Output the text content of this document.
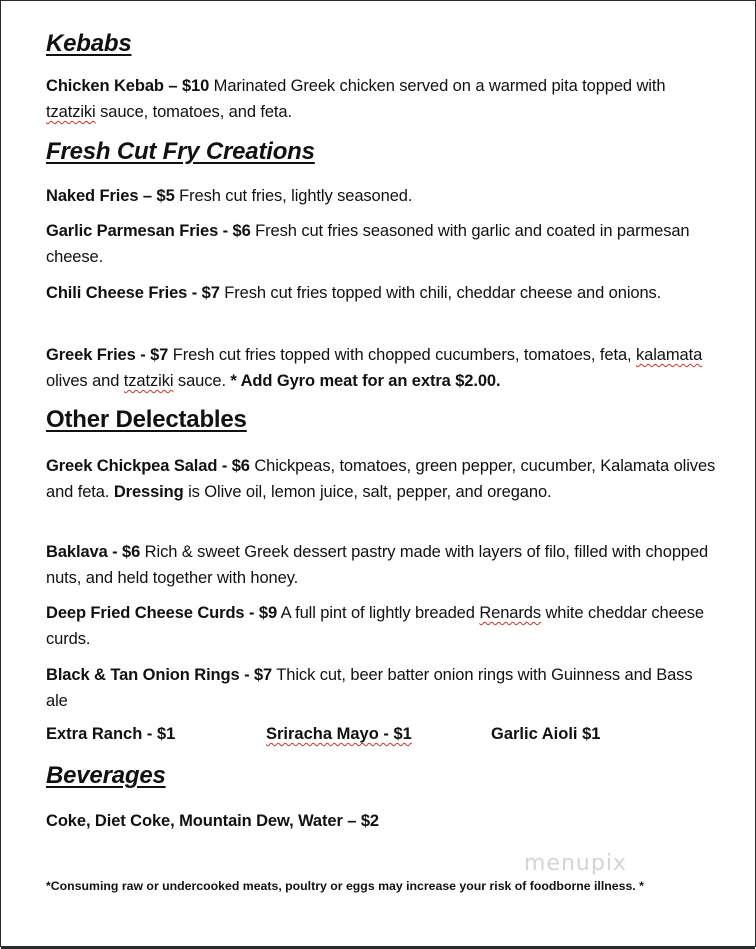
Kebabs

Chicken Kebab – $10 Marinated Greek chicken served on a warmed pita topped with tzatziki sauce, tomatoes, and feta.

Fresh Cut Fry Creations

Naked Fries – $5 Fresh cut fries, lightly seasoned.

Garlic Parmesan Fries - $6 Fresh cut fries seasoned with garlic and coated in parmesan cheese.

Chili Cheese Fries - $7 Fresh cut fries topped with chili, cheddar cheese and onions.

Greek Fries - $7 Fresh cut fries topped with chopped cucumbers, tomatoes, feta, kalamata olives and tzatziki sauce. * Add Gyro meat for an extra $2.00.

Other Delectables

Greek Chickpea Salad - $6 Chickpeas, tomatoes, green pepper, cucumber, Kalamata olives and feta. Dressing is Olive oil, lemon juice, salt, pepper, and oregano.

Baklava - $6 Rich & sweet Greek dessert pastry made with layers of filo, filled with chopped nuts, and held together with honey.

Deep Fried Cheese Curds - $9 A full pint of lightly breaded Renards white cheddar cheese curds.

Black & Tan Onion Rings - $7 Thick cut, beer batter onion rings with Guinness and Bass ale

Extra Ranch - $1	Sriracha Mayo - $1	Garlic Aioli $1
Beverages

Coke, Diet Coke, Mountain Dew, Water – $2

menupix
*Consuming raw or undercooked meats, poultry or eggs may increase your risk of foodborne illness. *
